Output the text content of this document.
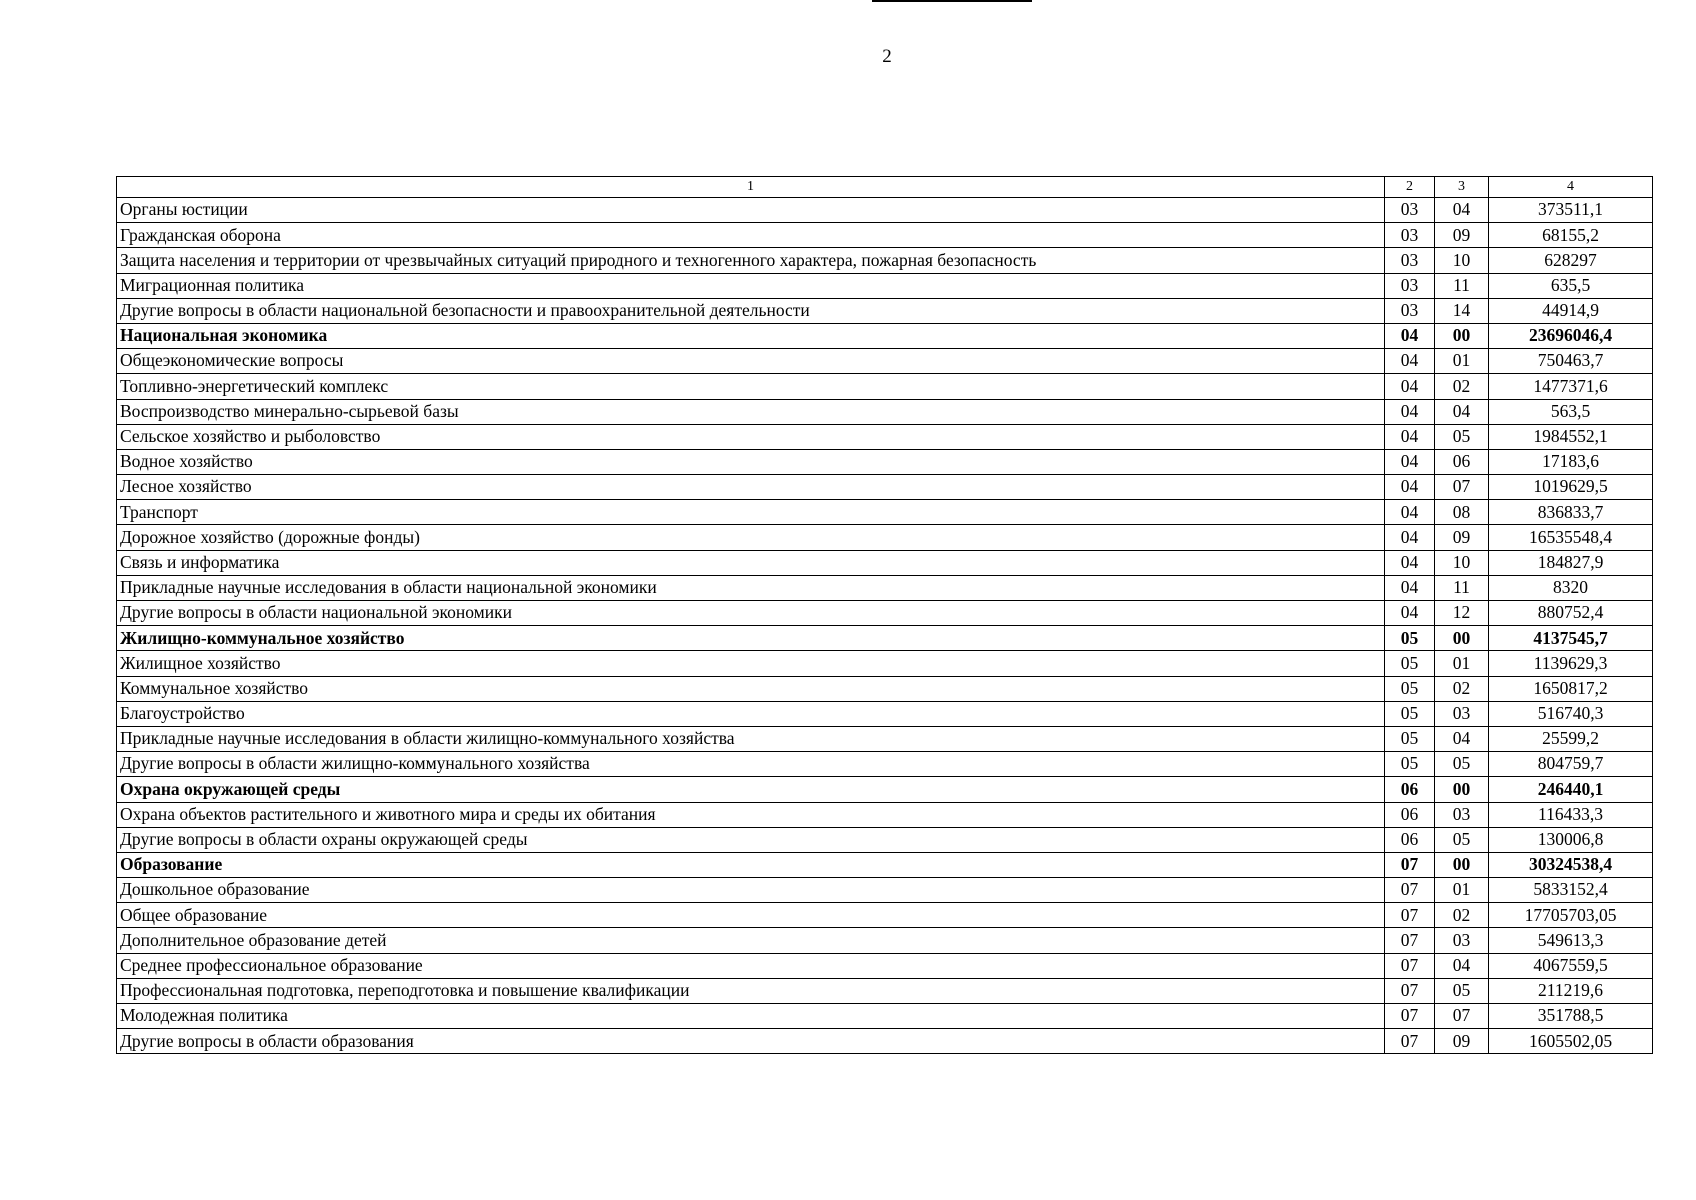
2
1	2	3	4
Органы юстиции	03	04	373511,1
Гражданская оборона	03	09	68155,2
Защита населения и территории от чрезвычайных ситуаций природного и техногенного характера, пожарная безопасность	03	10	628297
Миграционная политика	03	11	635,5
Другие вопросы в области национальной безопасности и правоохранительной деятельности	03	14	44914,9
Национальная экономика	04	00	23696046,4
Общеэкономические вопросы	04	01	750463,7
Топливно-энергетический комплекс	04	02	1477371,6
Воспроизводство минерально-сырьевой базы	04	04	563,5
Сельское хозяйство и рыболовство	04	05	1984552,1
Водное хозяйство	04	06	17183,6
Лесное хозяйство	04	07	1019629,5
Транспорт	04	08	836833,7
Дорожное хозяйство (дорожные фонды)	04	09	16535548,4
Связь и информатика	04	10	184827,9
Прикладные научные исследования в области национальной экономики	04	11	8320
Другие вопросы в области национальной экономики	04	12	880752,4
Жилищно-коммунальное хозяйство	05	00	4137545,7
Жилищное хозяйство	05	01	1139629,3
Коммунальное хозяйство	05	02	1650817,2
Благоустройство	05	03	516740,3
Прикладные научные исследования в области жилищно-коммунального хозяйства	05	04	25599,2
Другие вопросы в области жилищно-коммунального хозяйства	05	05	804759,7
Охрана окружающей среды	06	00	246440,1
Охрана объектов растительного и животного мира и среды их обитания	06	03	116433,3
Другие вопросы в области охраны окружающей среды	06	05	130006,8
Образование	07	00	30324538,4
Дошкольное образование	07	01	5833152,4
Общее образование	07	02	17705703,05
Дополнительное образование детей	07	03	549613,3
Среднее профессиональное образование	07	04	4067559,5
Профессиональная подготовка, переподготовка и повышение квалификации	07	05	211219,6
Молодежная политика	07	07	351788,5
Другие вопросы в области образования	07	09	1605502,05
